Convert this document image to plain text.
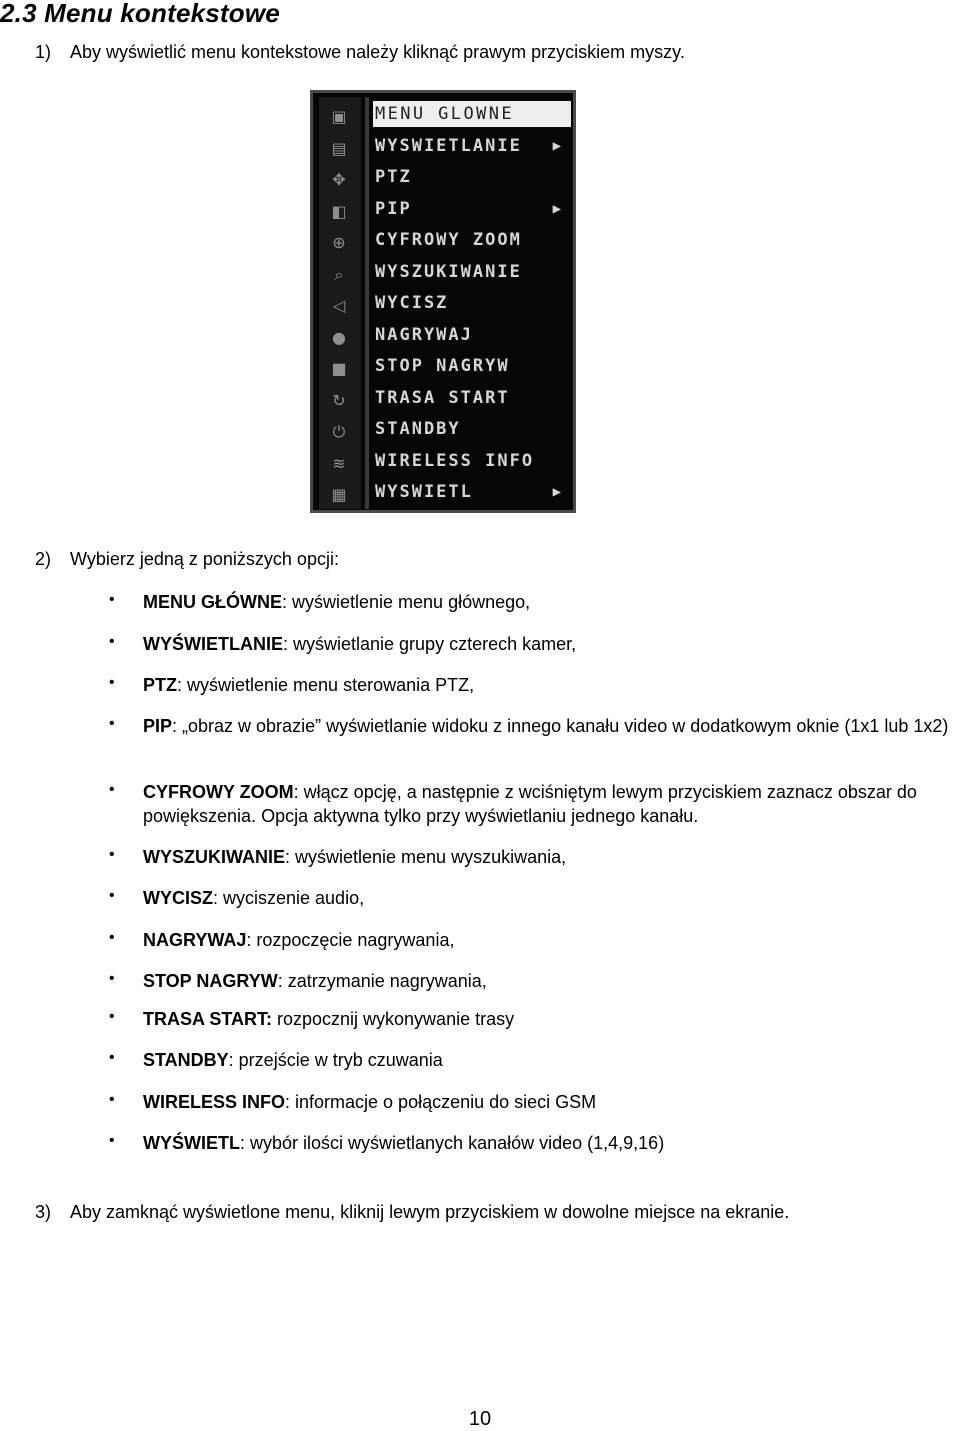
2.3 Menu kontekstowe
1) Aby wyświetlić menu kontekstowe należy kliknąć prawym przyciskiem myszy.
▣
▤
✥
◧
⊕
⌕
◁
●
■
↻
⏻
≋
▦
MENU GLOWNE
WYSWIETLANIE ▶
PTZ
PIP	▶
CYFROWY ZOOM
WYSZUKIWANIE
WYCISZ
NAGRYWAJ
STOP NAGRYW
TRASA START
STANDBY
WIRELESS INFO
WYSWIETL	▶
2) Wybierz jedną z poniższych opcji:
• MENU GŁÓWNE: wyświetlenie menu głównego,
• WYŚWIETLANIE: wyświetlanie grupy czterech kamer,
• PTZ: wyświetlenie menu sterowania PTZ,
• PIP: „obraz w obrazie” wyświetlanie widoku z innego kanału video w dodatkowym oknie (1x1 lub 1x2)
• CYFROWY ZOOM: włącz opcję, a następnie z wciśniętym lewym przyciskiem zaznacz obszar do powiększenia. Opcja aktywna tylko przy wyświetlaniu jednego kanału.
• WYSZUKIWANIE: wyświetlenie menu wyszukiwania,
• WYCISZ: wyciszenie audio,
• NAGRYWAJ: rozpoczęcie nagrywania,
• STOP NAGRYW: zatrzymanie nagrywania,
• TRASA START: rozpocznij wykonywanie trasy
• STANDBY: przejście w tryb czuwania
• WIRELESS INFO: informacje o połączeniu do sieci GSM
• WYŚWIETL: wybór ilości wyświetlanych kanałów video (1,4,9,16)
3) Aby zamknąć wyświetlone menu, kliknij lewym przyciskiem w dowolne miejsce na ekranie.
10
